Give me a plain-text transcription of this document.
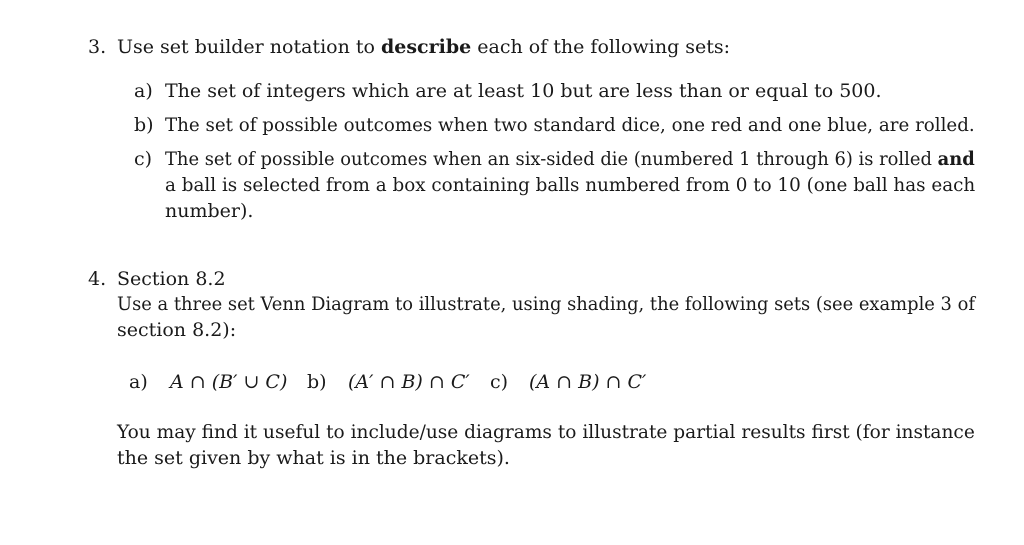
3. Use set builder notation to describe each of the following sets:
a) The set of integers which are at least 10 but are less than or equal to 500.
b) The set of possible outcomes when two standard dice, one red and one blue, are rolled.
c) The set of possible outcomes when an six-sided die (numbered 1 through 6) is rolled and
a ball is selected from a box containing balls numbered from 0 to 10 (one ball has each
number).
4. Section 8.2
Use a three set Venn Diagram to illustrate, using shading, the following sets (see example 3 of
section 8.2):
a) A ∩ (B′ ∪ C) b) (A′ ∩ B) ∩ C′ c) (A ∩ B) ∩ C′
You may find it useful to include/use diagrams to illustrate partial results first (for instance
the set given by what is in the brackets).
